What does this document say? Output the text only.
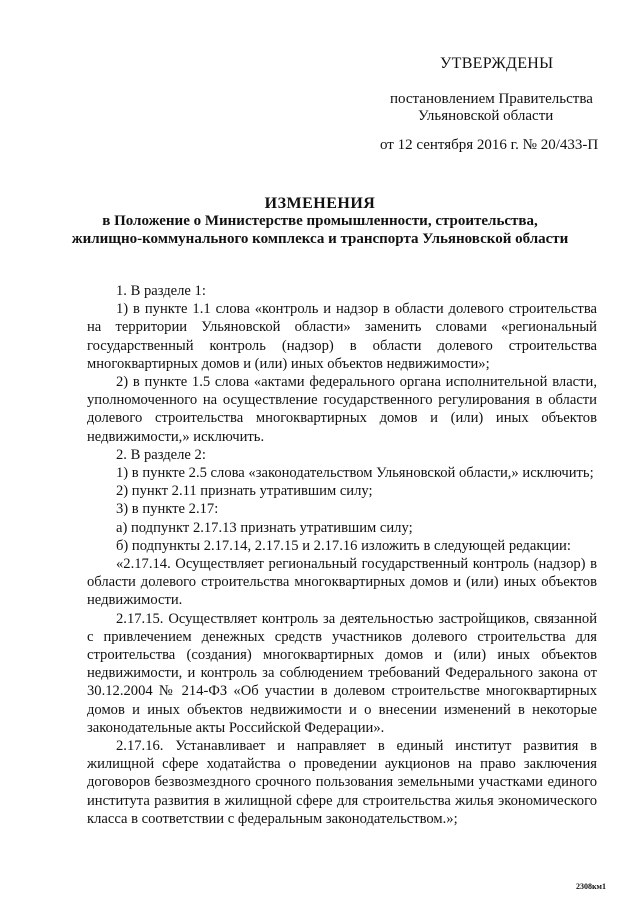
УТВЕРЖДЕНЫ
постановлением Правительства
Ульяновской области
от 12 сентября 2016 г. № 20/433-П
ИЗМЕНЕНИЯ
в Положение о Министерстве промышленности, строительства,
жилищно-коммунального комплекса и транспорта Ульяновской области

1. В разделе 1:

1) в пункте 1.1 слова «контроль и надзор в области долевого строительства на территории Ульяновской области» заменить словами «региональный государственный контроль (надзор) в области долевого строительства многоквартирных домов и (или) иных объектов недвижимости»;

2) в пункте 1.5 слова «актами федерального органа исполнительной власти, уполномоченного на осуществление государственного регулирования в области долевого строительства многоквартирных домов и (или) иных объектов недвижимости,» исключить.

2. В разделе 2:

1) в пункте 2.5 слова «законодательством Ульяновской области,» исключить;

2) пункт 2.11 признать утратившим силу;

3) в пункте 2.17:

а) подпункт 2.17.13 признать утратившим силу;

б) подпункты 2.17.14, 2.17.15 и 2.17.16 изложить в следующей редакции:

«2.17.14. Осуществляет региональный государственный контроль (надзор) в области долевого строительства многоквартирных домов и (или) иных объектов недвижимости.

2.17.15. Осуществляет контроль за деятельностью застройщиков, связанной с привлечением денежных средств участников долевого строительства для строительства (создания) многоквартирных домов и (или) иных объектов недвижимости, и контроль за соблюдением требований Федерального закона от 30.12.2004 № 214-ФЗ «Об участии в долевом строительстве многоквартирных домов и иных объектов недвижимости и о внесении изменений в некоторые законодательные акты Российской Федерации».

2.17.16. Устанавливает и направляет в единый институт развития в жилищной сфере ходатайства о проведении аукционов на право заключения договоров безвозмездного срочного пользования земельными участками единого института развития в жилищной сфере для строительства жилья экономического класса в соответствии с федеральным законодательством.»;

2308км1
